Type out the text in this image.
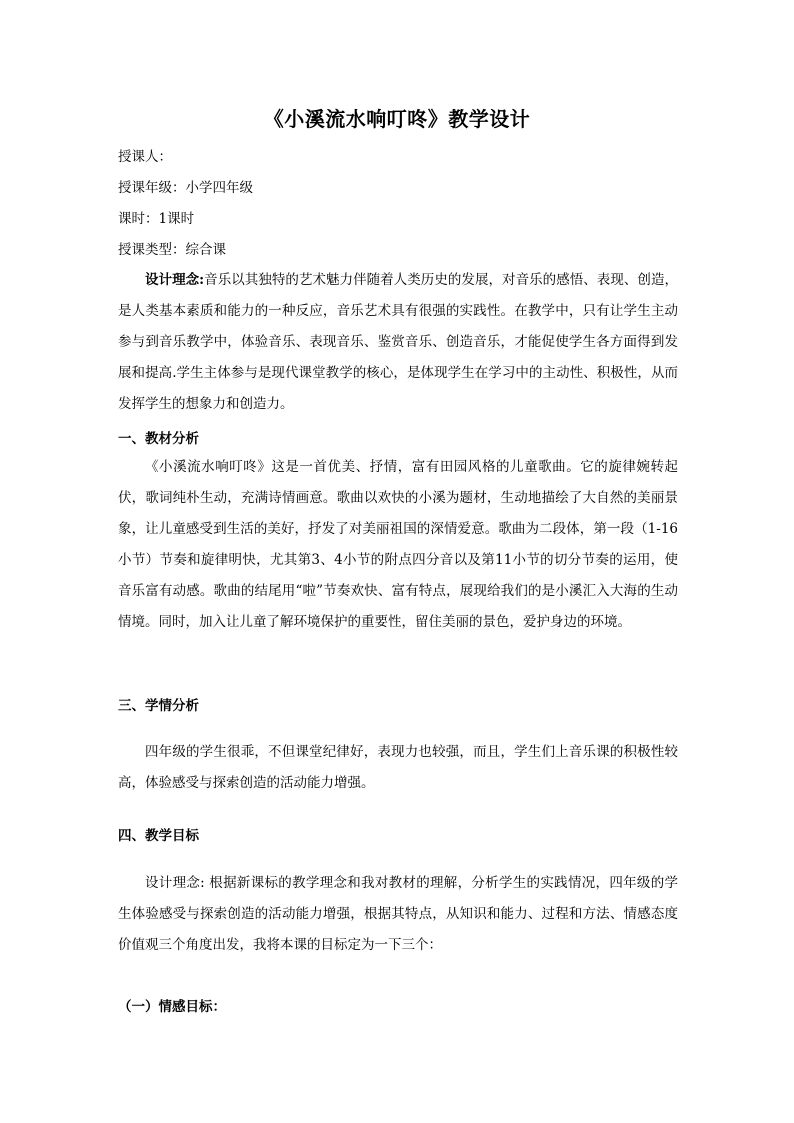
《小溪流水响叮咚》教学设计
授课人：
授课年级：小学四年级
课时：1课时
授课类型：综合课
设计理念:音乐以其独特的艺术魅力伴随着人类历史的发展，对音乐的感悟、表现、创造，是人类基本素质和能力的一种反应，音乐艺术具有很强的实践性。在教学中，只有让学生主动参与到音乐教学中，体验音乐、表现音乐、鉴赏音乐、创造音乐，才能促使学生各方面得到发展和提高.学生主体参与是现代课堂教学的核心，是体现学生在学习中的主动性、积极性，从而发挥学生的想象力和创造力。
一、教材分析
《小溪流水响叮咚》这是一首优美、抒情，富有田园风格的儿童歌曲。它的旋律婉转起伏，歌词纯朴生动，充满诗情画意。歌曲以欢快的小溪为题材，生动地描绘了大自然的美丽景象，让儿童感受到生活的美好，抒发了对美丽祖国的深情爱意。歌曲为二段体，第一段（1-16小节）节奏和旋律明快，尤其第3、4小节的附点四分音以及第11小节的切分节奏的运用，使音乐富有动感。歌曲的结尾用“啦”节奏欢快、富有特点，展现给我们的是小溪汇入大海的生动情境。同时，加入让儿童了解环境保护的重要性，留住美丽的景色，爱护身边的环境。
三、学情分析
四年级的学生很乖，不但课堂纪律好，表现力也较强，而且，学生们上音乐课的积极性较高，体验感受与探索创造的活动能力增强。
四、教学目标
设计理念: 根据新课标的教学理念和我对教材的理解，分析学生的实践情况，四年级的学生体验感受与探索创造的活动能力增强，根据其特点，从知识和能力、过程和方法、情感态度价值观三个角度出发，我将本课的目标定为一下三个：
（一）情感目标：
